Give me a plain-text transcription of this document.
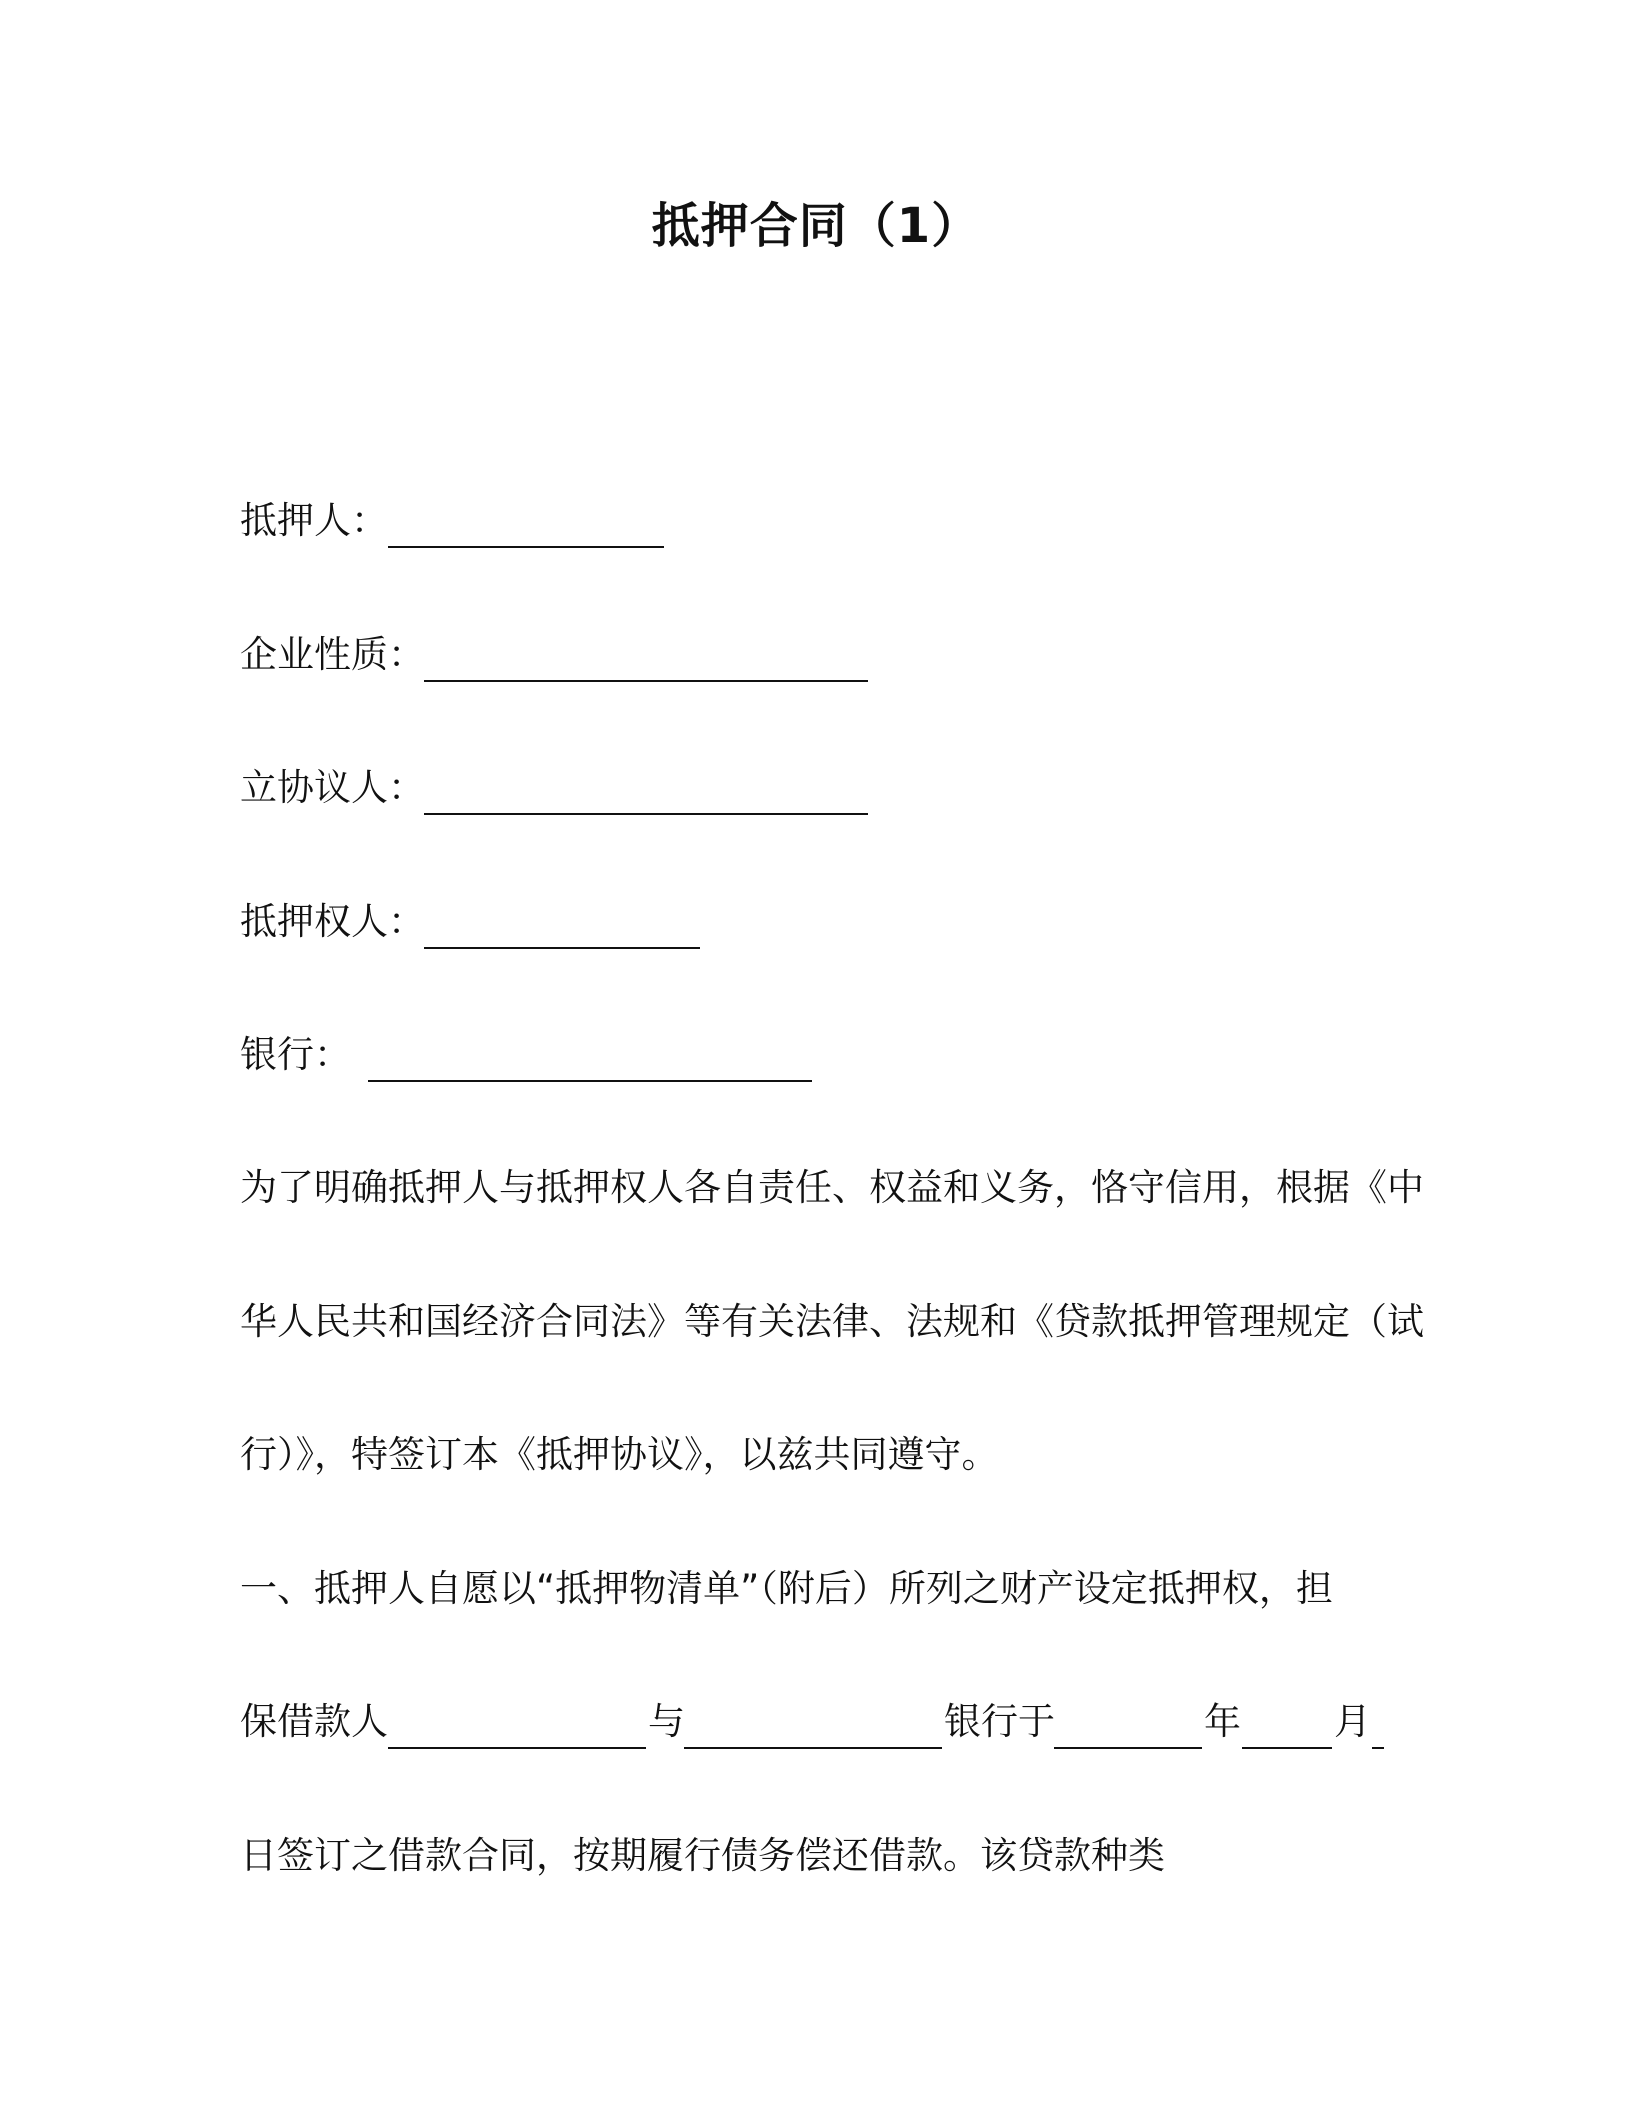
抵押合同（1）
抵押人：
企业性质：
立协议人：
抵押权人：
银行：
为了明确抵押人与抵押权人各自责任、权益和义务，恪守信用，根据《中
华人民共和国经济合同法》等有关法律、法规和《贷款抵押管理规定（试
行）》，特签订本《抵押协议》，以兹共同遵守。
一、抵押人自愿以“抵押物清单”（附后）所列之财产设定抵押权，担
保借款人	与	银行于	年	月
日签订之借款合同，按期履行债务偿还借款。该贷款种类
